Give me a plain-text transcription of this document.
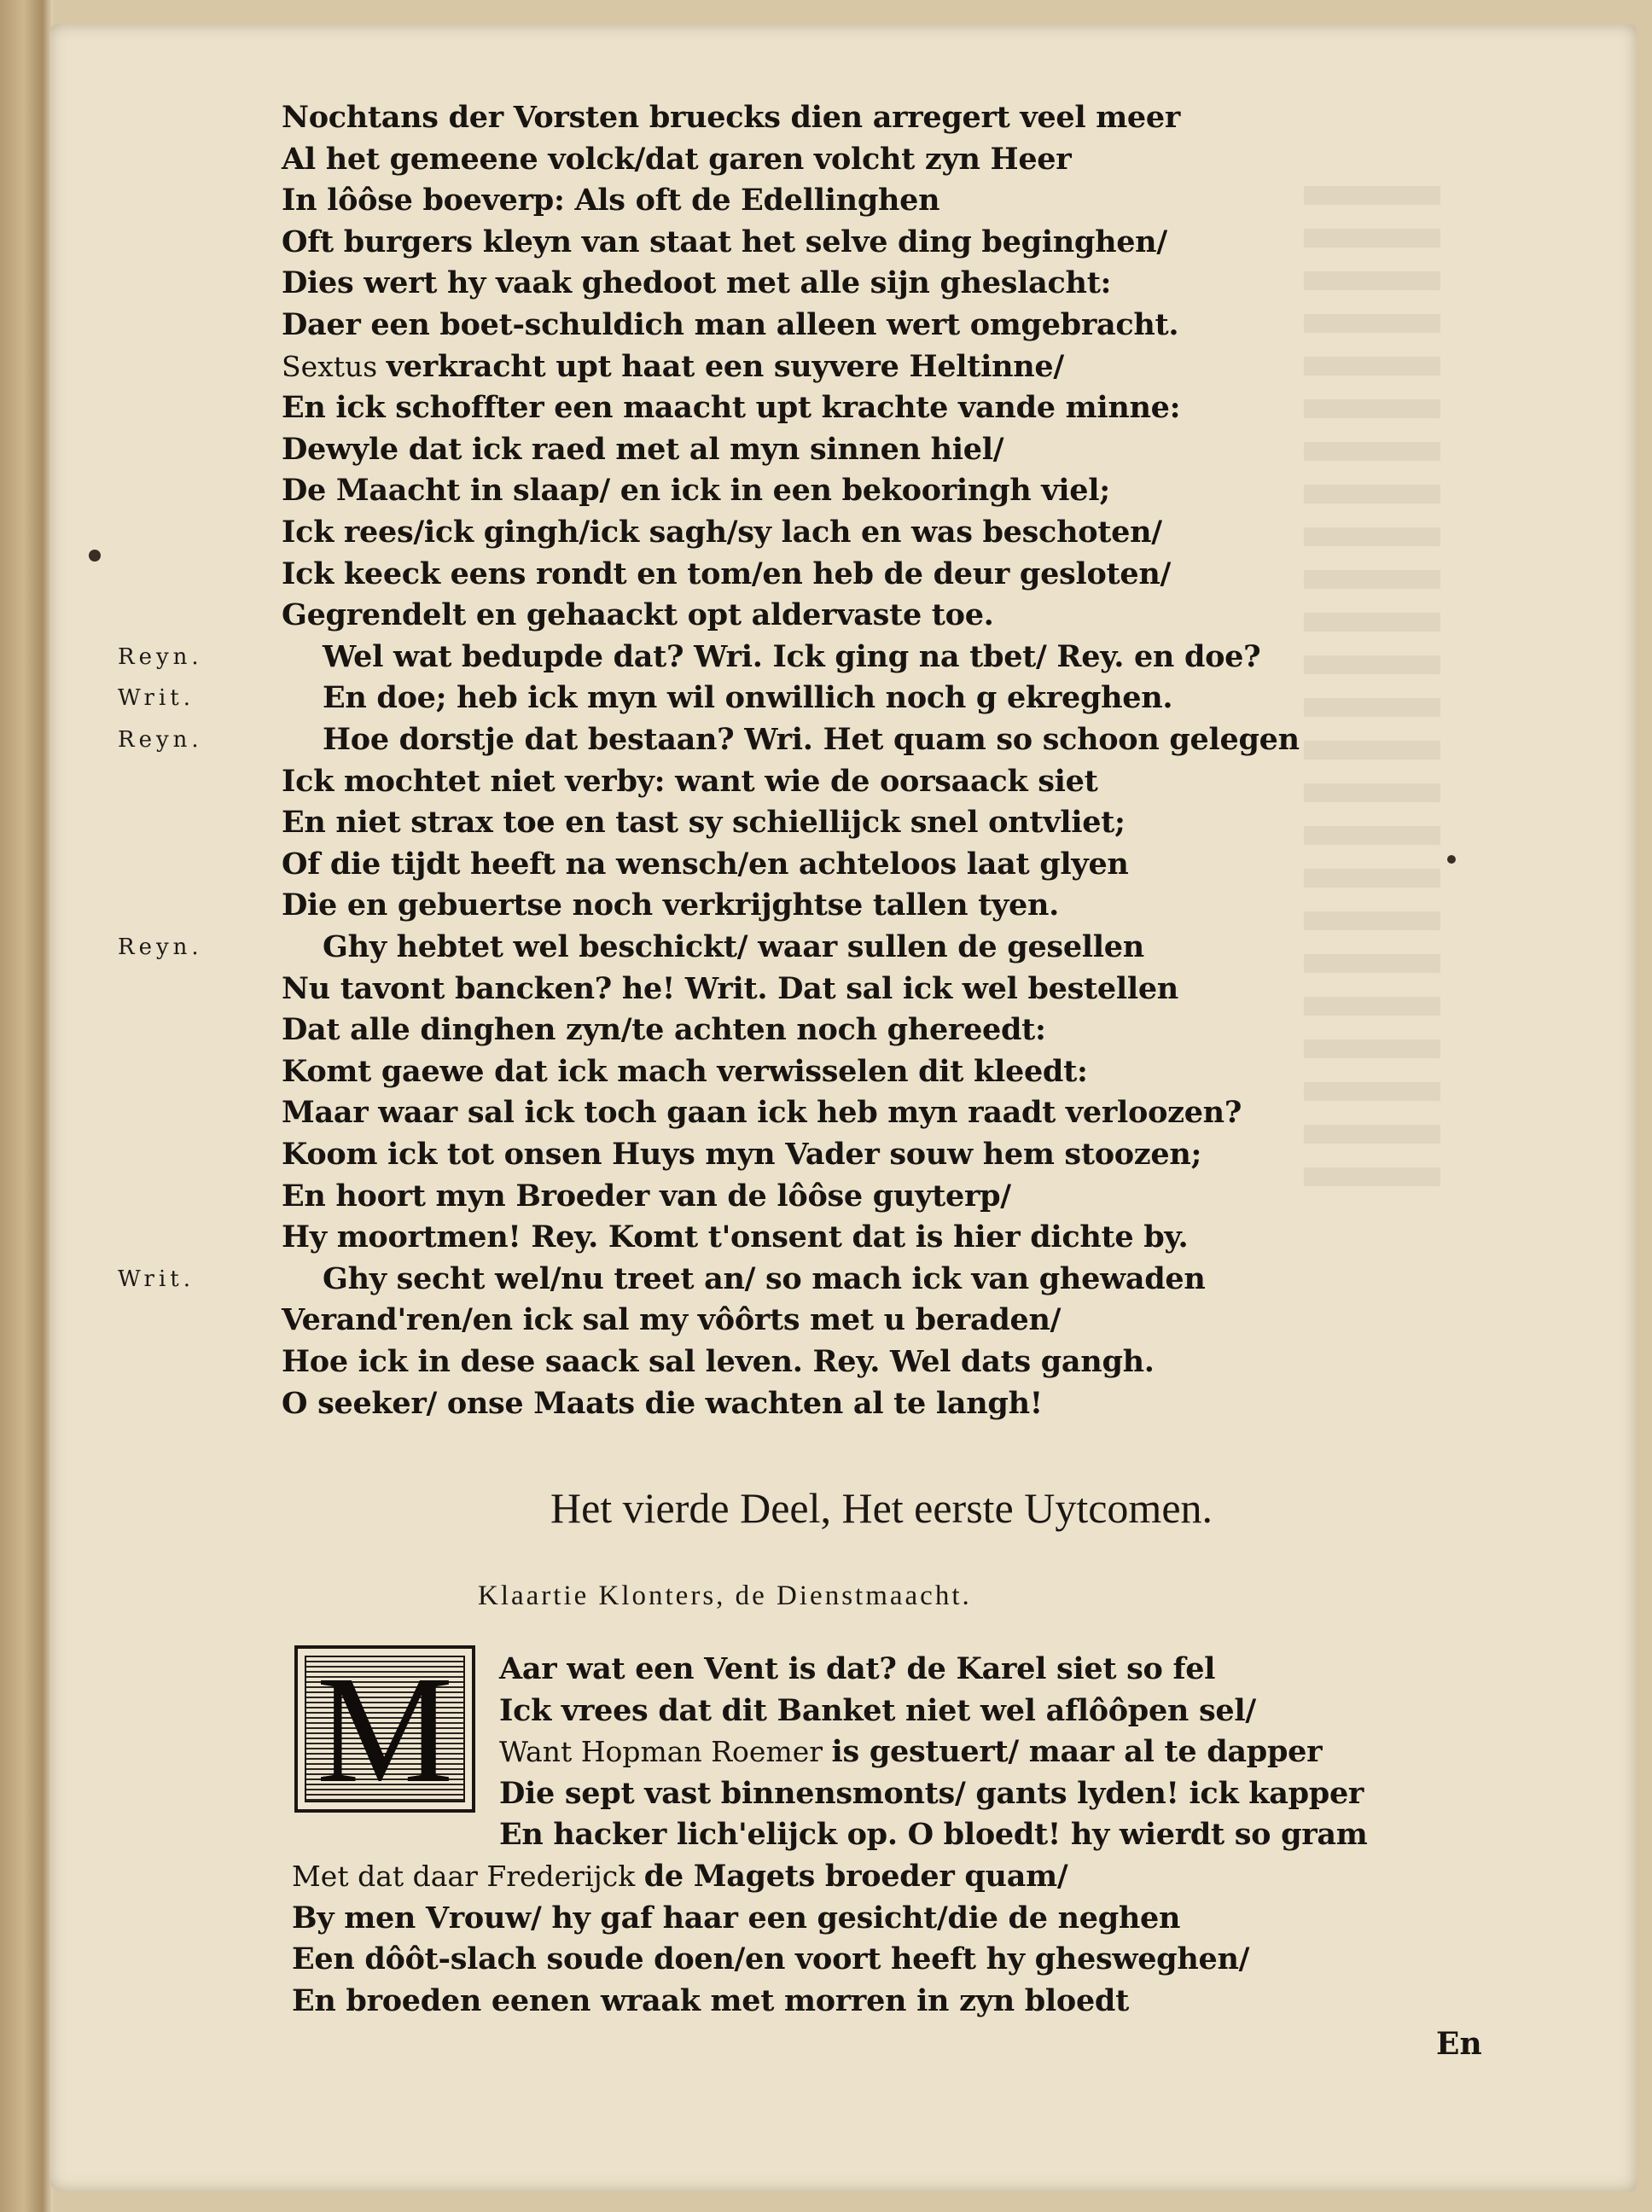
Nochtans der Vorsten bruecks dien arregert veel meer
Al het gemeene volck/dat garen volcht zyn Heer
In lôôse boeverp: Als oft de Edellinghen
Oft burgers kleyn van staat het selve ding beginghen/
Dies wert hy vaak ghedoot met alle sijn gheslacht:
Daer een boet-schuldich man alleen wert omgebracht.
Sextus verkracht upt haat een suyvere Heltinne/
En ick schoffter een maacht upt krachte vande minne:
Dewyle dat ick raed met al myn sinnen hiel/
De Maacht in slaap/ en ick in een bekooringh viel;
Ick rees/ick gingh/ick sagh/sy lach en was beschoten/
Ick keeck eens rondt en tom/en heb de deur gesloten/
Gegrendelt en gehaackt opt aldervaste toe.
Wel wat bedupde dat? Wri. Ick ging na tbet/ Rey. en doe?
Reyn.
En doe; heb ick myn wil onwillich noch g ekreghen.
Writ.
Hoe dorstje dat bestaan? Wri. Het quam so schoon gelegen
Reyn.
Ick mochtet niet verby: want wie de oorsaack siet
En niet strax toe en tast sy schiellijck snel ontvliet;
Of die tijdt heeft na wensch/en achteloos laat glyen
Die en gebuertse noch verkrijghtse tallen tyen.
Ghy hebtet wel beschickt/ waar sullen de gesellen
Reyn.
Nu tavont bancken? he! Writ. Dat sal ick wel bestellen
Dat alle dinghen zyn/te achten noch ghereedt:
Komt gaewe dat ick mach verwisselen dit kleedt:
Maar waar sal ick toch gaan ick heb myn raadt verloozen?
Koom ick tot onsen Huys myn Vader souw hem stoozen;
En hoort myn Broeder van de lôôse guyterp/
Hy moortmen! Rey. Komt t'onsent dat is hier dichte by.
Ghy secht wel/nu treet an/ so mach ick van ghewaden
Writ.
Verand'ren/en ick sal my vôôrts met u beraden/
Hoe ick in dese saack sal leven. Rey. Wel dats gangh.
O seeker/ onse Maats die wachten al te langh!
Het vierde Deel, Het eerste Uytcomen.
Klaartie Klonters, de Dienstmaacht.
M	Aar wat een Vent is dat? de Karel siet so fel
Ick vrees dat dit Banket niet wel aflôôpen sel/
Want Hopman Roemer is gestuert/ maar al te dapper
Die sept vast binnensmonts/ gants lyden! ick kapper
En hacker lich'elijck op. O bloedt! hy wierdt so gram
Met dat daar Frederijck de Magets broeder quam/
By men Vrouw/ hy gaf haar een gesicht/die de neghen
Een dôôt-slach soude doen/en voort heeft hy ghesweghen/
En broeden eenen wraak met morren in zyn bloedt
En
